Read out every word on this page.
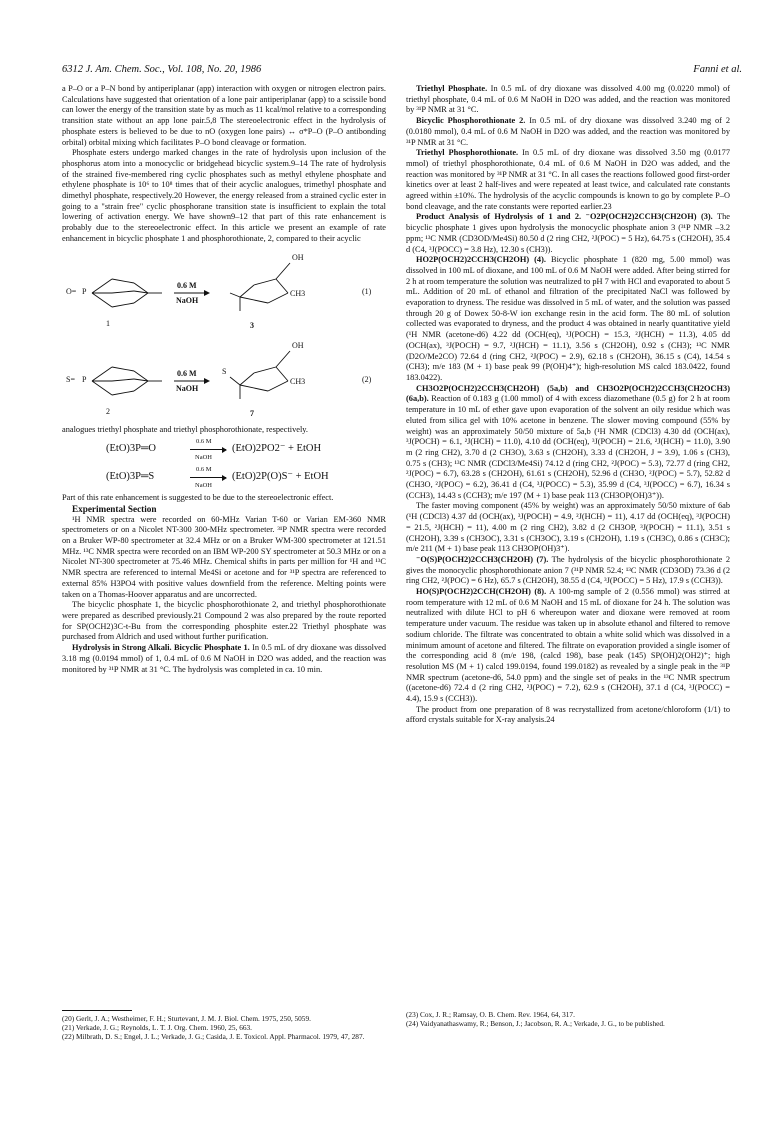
6312 J. Am. Chem. Soc., Vol. 108, No. 20, 1986	Fanni et al.

a P–O or a P–N bond by antiperiplanar (app) interaction with oxygen or nitrogen electron pairs. Calculations have suggested that orientation of a lone pair antiperiplanar (app) to a scissile bond can lower the energy of the transition state by as much as 11 kcal/mol relative to a corresponding transition state without an app lone pair.5,8 The stereoelectronic effect in the hydrolysis of phosphate esters is believed to be due to nO (oxygen lone pairs) ↔ σ*P–O (P–O antibonding orbital) orbital mixing which facilitates P–O bond cleavage or formation.

Phosphate esters undergo marked changes in the rate of hydrolysis upon inclusion of the phosphorus atom into a monocyclic or bridgehead bicyclic system.9–14 The rate of hydrolysis of the strained five-membered ring cyclic phosphates such as methyl ethylene phosphate and ethylene phosphate is 10⁶ to 10⁸ times that of their acyclic analogues, trimethyl phosphate and dimethyl phosphate, respectively.20 However, the energy released from a strained cyclic ester in going to a "strain free" cyclic phosphorane transition state is insufficient to explain the total lowering of activation energy. We have shown9–12 that part of this rate enhancement is probably due to the stereoelectronic effect. In this article we present an example of rate enhancement in bicyclic phosphate 1 and phosphorothionate, 2, compared to their acyclic

O= P
0.6 M
NaOH
CH3
OH
1	3
(1)
S= P
0.6 M
NaOH
S
CH3
OH
2	7
(2)

analogues triethyl phosphate and triethyl phosphorothionate, respectively.

(EtO)3P═O
0.6 M
NaOH
(EtO)2PO2⁻ + EtOH
(EtO)3P═S
0.6 M
NaOH
(EtO)2P(O)S⁻ + EtOH

Part of this rate enhancement is suggested to be due to the stereoelectronic effect.

Experimental Section

¹H NMR spectra were recorded on 60-MHz Varian T-60 or Varian EM-360 NMR spectrometers or on a Nicolet NT-300 300-MHz spectrometer. ³¹P NMR spectra were recorded on a Bruker WP-80 spectrometer at 32.4 MHz or on a Bruker WM-300 spectrometer at 121.51 MHz. ¹³C NMR spectra were recorded on an IBM WP-200 SY spectrometer at 50.3 MHz or on a Nicolet NT-300 spectrometer at 75.46 MHz. Chemical shifts in parts per million for ¹H and ¹³C NMR spectra are referenced to internal Me4Si or acetone and for ³¹P spectra are referenced to external 85% H3PO4 with positive values downfield from the reference. Melting points were taken on a Thomas-Hoover apparatus and are uncorrected.

The bicyclic phosphate 1, the bicyclic phosphorothionate 2, and triethyl phosphorothionate were prepared as described previously.21 Compound 2 was also prepared by the route reported for SP(OCH2)3C-t-Bu from the corresponding phosphite ester.22 Triethyl phosphate was purchased from Aldrich and used without further purification.

Hydrolysis in Strong Alkali. Bicyclic Phosphate 1. In 0.5 mL of dry dioxane was dissolved 3.18 mg (0.0194 mmol) of 1, 0.4 mL of 0.6 M NaOH in D2O was added, and the reaction was monitored by ³¹P NMR at 31 °C. The hydrolysis was completed in ca. 10 min.

Triethyl Phosphate. In 0.5 mL of dry dioxane was dissolved 4.00 mg (0.0220 mmol) of triethyl phosphate, 0.4 mL of 0.6 M NaOH in D2O was added, and the reaction was monitored by ³¹P NMR at 31 °C.

Bicyclic Phosphorothionate 2. In 0.5 mL of dry dioxane was dissolved 3.240 mg of 2 (0.0180 mmol), 0.4 mL of 0.6 M NaOH in D2O was added, and the reaction was monitored by ³¹P NMR at 31 °C.

Triethyl Phosphorothionate. In 0.5 mL of dry dioxane was dissolved 3.50 mg (0.0177 mmol) of triethyl phosphorothionate, 0.4 mL of 0.6 M NaOH in D2O was added, and the reaction was monitored by ³¹P NMR at 31 °C. In all cases the reactions followed good first-order kinetics over at least 2 half-lives and were repeated at least twice, and calculated rate constants agreed within ±10%. The hydrolysis of the acyclic compounds is known to go by complete P–O bond cleavage, and the rate constants were reported earlier.23

Product Analysis of Hydrolysis of 1 and 2. ⁻O2P(OCH2)2CCH3(CH2OH) (3). The bicyclic phosphate 1 gives upon hydrolysis the monocyclic phosphate anion 3 (³¹P NMR –3.2 ppm; ¹³C NMR (CD3OD/Me4Si) 80.50 d (2 ring CH2, ²J(POC) = 5 Hz), 64.75 s (CH2OH), 35.4 d (C4, ³J(POCC) = 3.8 Hz), 12.30 s (CH3)).

HO2P(OCH2)2CCH3(CH2OH) (4). Bicyclic phosphate 1 (820 mg, 5.00 mmol) was dissolved in 100 mL of dioxane, and 100 mL of 0.6 M NaOH were added. After being stirred for 2 h at room temperature the solution was neutralized to pH 7 with HCl and evaporated to about 5 mL. Addition of 20 mL of ethanol and filtration of the precipitated NaCl was followed by evaporation to dryness. The residue was dissolved in 5 mL of water, and the solution was passed through 20 g of Dowex 50-8-W ion exchange resin in the acid form. The 80 mL of solution collected was evaporated to dryness, and the product 4 was obtained in nearly quantitative yield (¹H NMR (acetone-d6) 4.22 dd (OCH(eq), ³J(POCH) = 15.3, ²J(HCH) = 11.3), 4.05 dd (OCH(ax), ³J(POCH) = 9.7, ²J(HCH) = 11.1), 3.56 s (CH2OH), 0.92 s (CH3); ¹³C NMR (D2O/Me2CO) 72.64 d (ring CH2, ²J(POC) = 2.9), 62.18 s (CH2OH), 36.15 s (C4), 14.54 s (CH3); m/e 183 (M + 1) base peak 99 (P(OH)4⁺); high-resolution MS calcd 183.0422, found 183.0422).

CH3O2P(OCH2)2CCH3(CH2OH) (5a,b) and CH3O2P(OCH2)2CCH3(CH2OCH3) (6a,b). Reaction of 0.183 g (1.00 mmol) of 4 with excess diazomethane (0.5 g) for 2 h at room temperature in 10 mL of ether gave upon evaporation of the solvent an oily residue which was eluted from silica gel with 10% acetone in benzene. The slower moving compound (55% by weight) was an approximately 50/50 mixture of 5a,b (¹H NMR (CDCl3) 4.30 dd (OCH(ax), ³J(POCH) = 6.1, ²J(HCH) = 11.0), 4.10 dd (OCH(eq), ³J(POCH) = 21.6, ²J(HCH) = 11.0), 3.90 m (2 ring CH2), 3.70 d (2 CH3O), 3.63 s (CH2OH), 3.33 d (CH2OH, J = 3.9), 1.06 s (CH3), 0.75 s (CH3); ¹³C NMR (CDCl3/Me4Si) 74.12 d (ring CH2, ²J(POC) = 5.3), 72.77 d (ring CH2, ²J(POC) = 6.7), 63.28 s (CH2OH), 61.61 s (CH2OH), 52.96 d (CH3O, ²J(POC) = 5.7), 52.82 d (CH3O, ²J(POC) = 6.2), 36.41 d (C4, ³J(POCC) = 5.3), 35.99 d (C4, ³J(POCC) = 6.7), 16.34 s (CCH3), 14.43 s (CCH3); m/e 197 (M + 1) base peak 113 (CH3OP(OH)3⁺)).

The faster moving component (45% by weight) was an approximately 50/50 mixture of 6ab (¹H (CDCl3) 4.37 dd (OCH(ax), ³J(POCH) = 4.9, ²J(HCH) = 11), 4.17 dd (OCH(eq), ³J(POCH) = 21.5, ²J(HCH) = 11), 4.00 m (2 ring CH2), 3.82 d (2 CH3OP, ³J(POCH) = 11.1), 3.51 s (CH2OH), 3.39 s (CH3OC), 3.31 s (CH3OC), 3.19 s (CH2OH), 1.19 s (CH3C), 0.86 s (CH3C); m/e 211 (M + 1) base peak 113 CH3OP(OH)3⁺).

⁻O(S)P(OCH2)2CCH3(CH2OH) (7). The hydrolysis of the bicyclic phosphorothionate 2 gives the monocyclic phosphorothionate anion 7 (³¹P NMR 52.4; ¹³C NMR (CD3OD) 73.36 d (2 ring CH2, ²J(POC) = 6 Hz), 65.7 s (CH2OH), 38.55 d (C4, ³J(POCC) = 5 Hz), 17.9 s (CCH3)).

HO(S)P(OCH2)2CCH(CH2OH) (8). A 100-mg sample of 2 (0.556 mmol) was stirred at room temperature with 12 mL of 0.6 M NaOH and 15 mL of dioxane for 24 h. The solution was neutralized with dilute HCl to pH 6 whereupon water and dioxane were removed at room temperature under vacuum. The residue was taken up in absolute ethanol and filtered to remove sodium chloride. The filtrate was concentrated to obtain a white solid which was dissolved in a minimum amount of acetone and filtered. The filtrate on evaporation provided a single isomer of the corresponding acid 8 (m/e 198, (calcd 198), base peak (145) SP(OH)2(OH2)⁺; high resolution MS (M + 1) calcd 199.0194, found 199.0182) as revealed by a single peak in the ³¹P NMR spectrum (acetone-d6, 54.0 ppm) and the single set of peaks in the ¹³C NMR spectrum ((acetone-d6) 72.4 d (2 ring CH2, ²J(POC) = 7.2), 62.9 s (CH2OH), 37.1 d (C4, ³J(POCC) = 4.4), 15.9 s (CCH3)).

The product from one preparation of 8 was recrystallized from acetone/chloroform (1/1) to afford crystals suitable for X-ray analysis.24

(20) Gerlt, J. A.; Westheimer, F. H.; Sturtevant, J. M. J. Biol. Chem. 1975, 250, 5059.

(21) Verkade, J. G.; Reynolds, L. T. J. Org. Chem. 1960, 25, 663.

(22) Milbrath, D. S.; Engel, J. L.; Verkade, J. G.; Casida, J. E. Toxicol. Appl. Pharmacol. 1979, 47, 287.

(23) Cox, J. R.; Ramsay, O. B. Chem. Rev. 1964, 64, 317.

(24) Vaidyanathaswamy, R.; Benson, J.; Jacobson, R. A.; Verkade, J. G., to be published.
